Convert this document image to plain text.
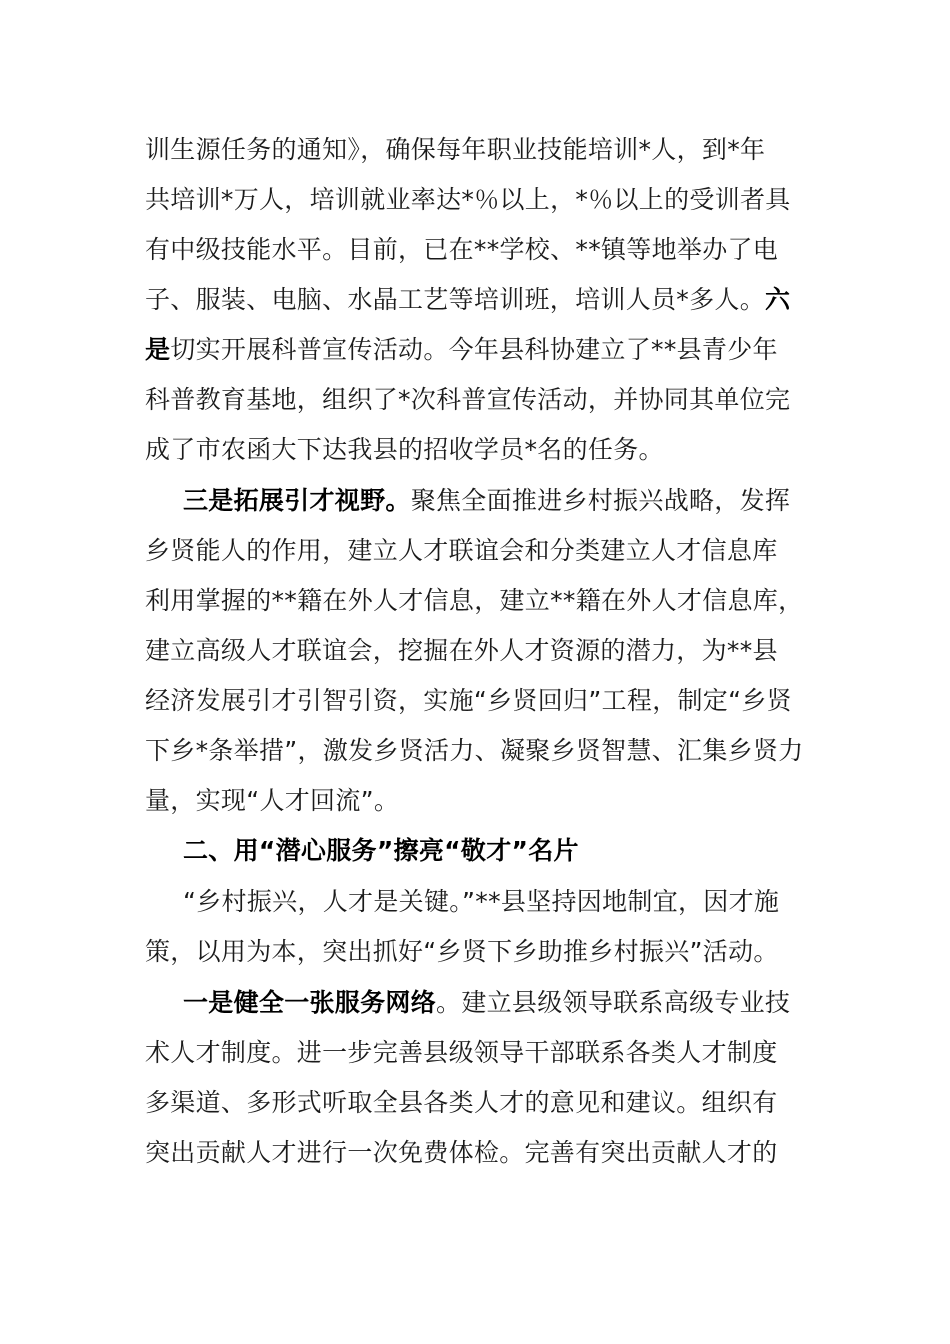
训生源任务的通知》，确保每年职业技能培训*人，到*年
共培训*万人，培训就业率达*％以上，*％以上的受训者具
有中级技能水平。目前，已在**学校、**镇等地举办了电
子、服装、电脑、水晶工艺等培训班，培训人员*多人。六
是切实开展科普宣传活动。今年县科协建立了**县青少年
科普教育基地，组织了*次科普宣传活动，并协同其单位完
成了市农函大下达我县的招收学员*名的任务。
三是拓展引才视野。聚焦全面推进乡村振兴战略，发挥
乡贤能人的作用，建立人才联谊会和分类建立人才信息库
利用掌握的**籍在外人才信息，建立**籍在外人才信息库，
建立高级人才联谊会，挖掘在外人才资源的潜力，为**县
经济发展引才引智引资，实施“乡贤回归”工程，制定“乡贤
下乡*条举措”，激发乡贤活力、凝聚乡贤智慧、汇集乡贤力
量，实现“人才回流”。
二、用“潜心服务”擦亮“敬才”名片
“乡村振兴，人才是关键。”**县坚持因地制宜，因才施
策，以用为本，突出抓好“乡贤下乡助推乡村振兴”活动。
一是健全一张服务网络。建立县级领导联系高级专业技
术人才制度。进一步完善县级领导干部联系各类人才制度
多渠道、多形式听取全县各类人才的意见和建议。组织有
突出贡献人才进行一次免费体检。完善有突出贡献人才的
